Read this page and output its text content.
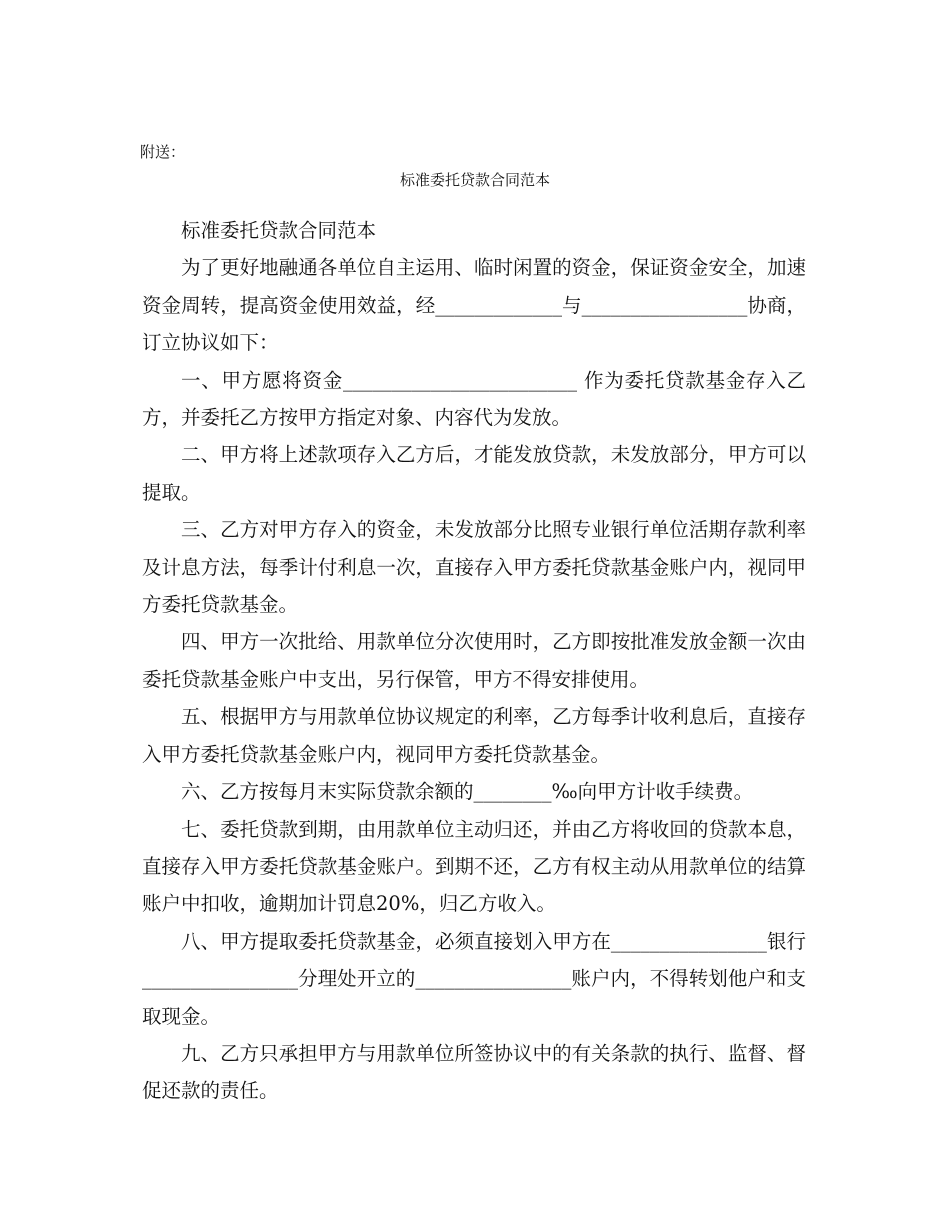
附送：
标准委托贷款合同范本

标准委托贷款合同范本

为了更好地融通各单位自主运用、临时闲置的资金，保证资金安全，加速资金周转，提高资金使用效益，经_____________与_________________协商，订立协议如下：

一、甲方愿将资金________________________ 作为委托贷款基金存入乙方，并委托乙方按甲方指定对象、内容代为发放。

二、甲方将上述款项存入乙方后，才能发放贷款，未发放部分，甲方可以提取。

三、乙方对甲方存入的资金，未发放部分比照专业银行单位活期存款利率及计息方法，每季计付利息一次，直接存入甲方委托贷款基金账户内，视同甲方委托贷款基金。

四、甲方一次批给、用款单位分次使用时，乙方即按批准发放金额一次由委托贷款基金账户中支出，另行保管，甲方不得安排使用。

五、根据甲方与用款单位协议规定的利率，乙方每季计收利息后，直接存入甲方委托贷款基金账户内，视同甲方委托贷款基金。

六、乙方按每月末实际贷款余额的________‰向甲方计收手续费。

七、委托贷款到期，由用款单位主动归还，并由乙方将收回的贷款本息，直接存入甲方委托贷款基金账户。到期不还，乙方有权主动从用款单位的结算账户中扣收，逾期加计罚息20%，归乙方收入。

八、甲方提取委托贷款基金，必须直接划入甲方在________________银行________________分理处开立的________________账户内，不得转划他户和支取现金。

九、乙方只承担甲方与用款单位所签协议中的有关条款的执行、监督、督促还款的责任。
